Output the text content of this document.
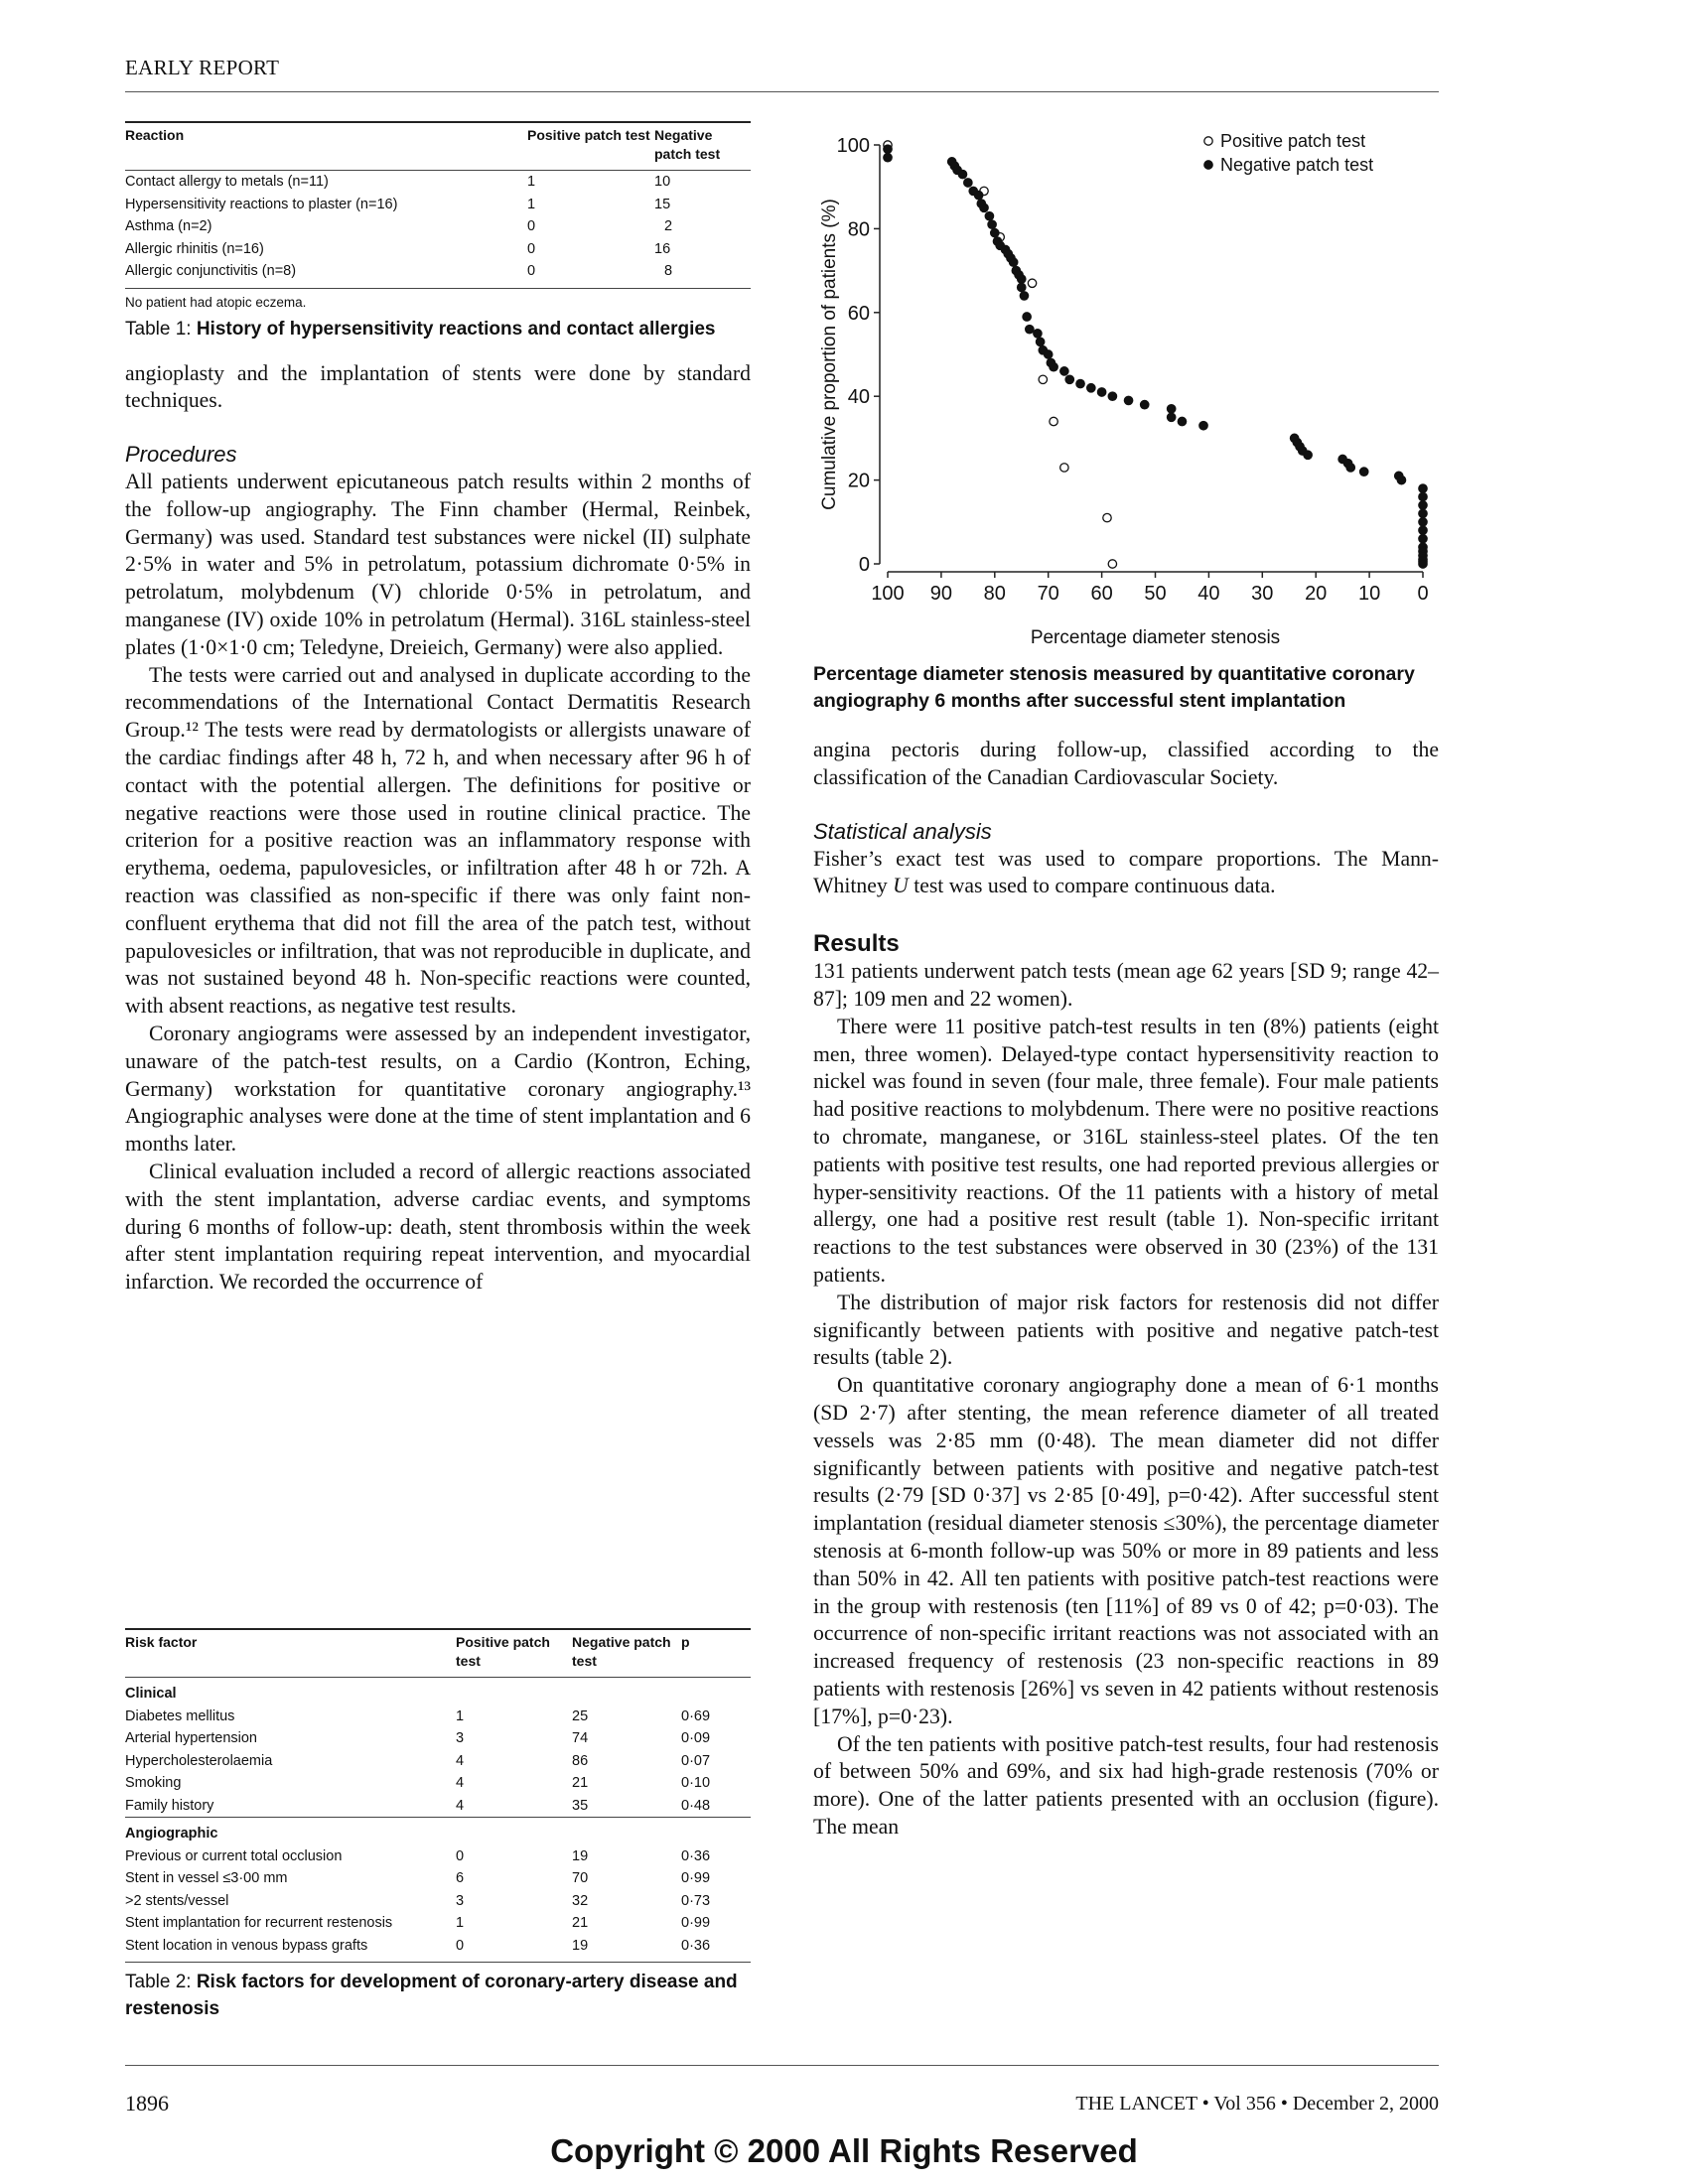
EARLY REPORT
Reaction	Positive patch test	Negative patch test
Contact allergy to metals (n=11)	1	10
Hypersensitivity reactions to plaster (n=16)	1	15
Asthma (n=2)	0	2
Allergic rhinitis (n=16)	0	16
Allergic conjunctivitis (n=8)	0	8
No patient had atopic eczema.
Table 1: History of hypersensitivity reactions and contact allergies

angioplasty and the implantation of stents were done by standard techniques.

Procedures

All patients underwent epicutaneous patch results within 2 months of the follow-up angiography. The Finn chamber (Hermal, Reinbek, Germany) was used. Standard test substances were nickel (II) sulphate 2·5% in water and 5% in petrolatum, potassium dichromate 0·5% in petrolatum, molybdenum (V) chloride 0·5% in petrolatum, and manganese (IV) oxide 10% in petrolatum (Hermal). 316L stainless-steel plates (1·0×1·0 cm; Teledyne, Dreieich, Germany) were also applied.

The tests were carried out and analysed in duplicate according to the recommendations of the International Contact Dermatitis Research Group.¹² The tests were read by dermatologists or allergists unaware of the cardiac findings after 48 h, 72 h, and when necessary after 96 h of contact with the potential allergen. The definitions for positive or negative reactions were those used in routine clinical practice. The criterion for a positive reaction was an inflammatory response with erythema, oedema, papulovesicles, or infiltration after 48 h or 72h. A reaction was classified as non-specific if there was only faint non-confluent erythema that did not fill the area of the patch test, without papulovesicles or infiltration, that was not reproducible in duplicate, and was not sustained beyond 48 h. Non-specific reactions were counted, with absent reactions, as negative test results.

Coronary angiograms were assessed by an independent investigator, unaware of the patch-test results, on a Cardio (Kontron, Eching, Germany) workstation for quantitative coronary angiography.¹³ Angiographic analyses were done at the time of stent implantation and 6 months later.

Clinical evaluation included a record of allergic reactions associated with the stent implantation, adverse cardiac events, and symptoms during 6 months of follow-up: death, stent thrombosis within the week after stent implantation requiring repeat intervention, and myocardial infarction. We recorded the occurrence of

Risk factor	Positive patch test	Negative patch test	p
Clinical			
Diabetes mellitus	1	25	0·69
Arterial hypertension	3	74	0·09
Hypercholesterolaemia	4	86	0·07
Smoking	4	21	0·10
Family history	4	35	0·48
Angiographic			
Previous or current total occlusion	0	19	0·36
Stent in vessel ≤3·00 mm	6	70	0·99
>2 stents/vessel	3	32	0·73
Stent implantation for recurrent restenosis	1	21	0·99
Stent location in venous bypass grafts	0	19	0·36
Table 2: Risk factors for development of coronary-artery disease and restenosis
0
20
40
60
80
100
100 90 80 70 60 50 40 30 20 10 0
Percentage diameter stenosis
Cumulative proportion of patients (%)
Positive patch test
Negative patch test
Percentage diameter stenosis measured by quantitative coronary angiography 6 months after successful stent implantation

angina pectoris during follow-up, classified according to the classification of the Canadian Cardiovascular Society.

Statistical analysis

Fisher’s exact test was used to compare proportions. The Mann-Whitney U test was used to compare continuous data.

Results

131 patients underwent patch tests (mean age 62 years [SD 9; range 42–87]; 109 men and 22 women).

There were 11 positive patch-test results in ten (8%) patients (eight men, three women). Delayed-type contact hypersensitivity reaction to nickel was found in seven (four male, three female). Four male patients had positive reactions to molybdenum. There were no positive reactions to chromate, manganese, or 316L stainless-steel plates. Of the ten patients with positive test results, one had reported previous allergies or hyper-sensitivity reactions. Of the 11 patients with a history of metal allergy, one had a positive rest result (table 1). Non-specific irritant reactions to the test substances were observed in 30 (23%) of the 131 patients.

The distribution of major risk factors for restenosis did not differ significantly between patients with positive and negative patch-test results (table 2).

On quantitative coronary angiography done a mean of 6·1 months (SD 2·7) after stenting, the mean reference diameter of all treated vessels was 2·85 mm (0·48). The mean diameter did not differ significantly between patients with positive and negative patch-test results (2·79 [SD 0·37] vs 2·85 [0·49], p=0·42). After successful stent implantation (residual diameter stenosis ≤30%), the percentage diameter stenosis at 6-month follow-up was 50% or more in 89 patients and less than 50% in 42. All ten patients with positive patch-test reactions were in the group with restenosis (ten [11%] of 89 vs 0 of 42; p=0·03). The occurrence of non-specific irritant reactions was not associated with an increased frequency of restenosis (23 non-specific reactions in 89 patients with restenosis [26%] vs seven in 42 patients without restenosis [17%], p=0·23).

Of the ten patients with positive patch-test results, four had restenosis of between 50% and 69%, and six had high-grade restenosis (70% or more). One of the latter patients presented with an occlusion (figure). The mean

1896	THE LANCET • Vol 356 • December 2, 2000
Copyright © 2000 All Rights Reserved
